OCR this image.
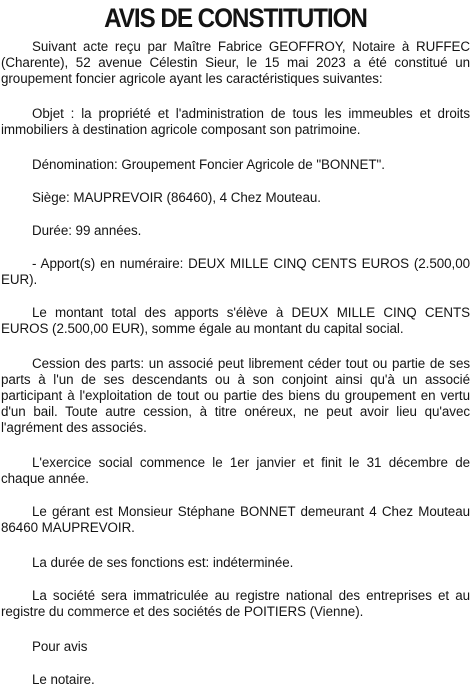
AVIS DE CONSTITUTION

Suivant acte reçu par Maître Fabrice GEOFFROY, Notaire à RUFFEC (Charente), 52 avenue Célestin Sieur, le 15 mai 2023 a été constitué un groupement foncier agricole ayant les caractéristiques suivantes:

Objet : la propriété et l'administration de tous les immeubles et droits immobiliers à destination agricole composant son patrimoine.

Dénomination: Groupement Foncier Agricole de "BONNET".

Siège: MAUPREVOIR (86460), 4 Chez Mouteau.

Durée: 99 années.

- Apport(s) en numéraire: DEUX MILLE CINQ CENTS EUROS (2.500,00 EUR).

Le montant total des apports s'élève à DEUX MILLE CINQ CENTS EUROS (2.500,00 EUR), somme égale au montant du capital social.

Cession des parts: un associé peut librement céder tout ou partie de ses parts à l'un de ses descendants ou à son conjoint ainsi qu'à un associé participant à l'exploitation de tout ou partie des biens du groupement en vertu d'un bail. Toute autre cession, à titre onéreux, ne peut avoir lieu qu'avec l'agrément des associés.

L'exercice social commence le 1er janvier et finit le 31 décembre de chaque année.

Le gérant est Monsieur Stéphane BONNET demeurant 4 Chez Mouteau 86460 MAUPREVOIR.

La durée de ses fonctions est: indéterminée.

La société sera immatriculée au registre national des entreprises et au registre du commerce et des sociétés de POITIERS (Vienne).

Pour avis

Le notaire.
